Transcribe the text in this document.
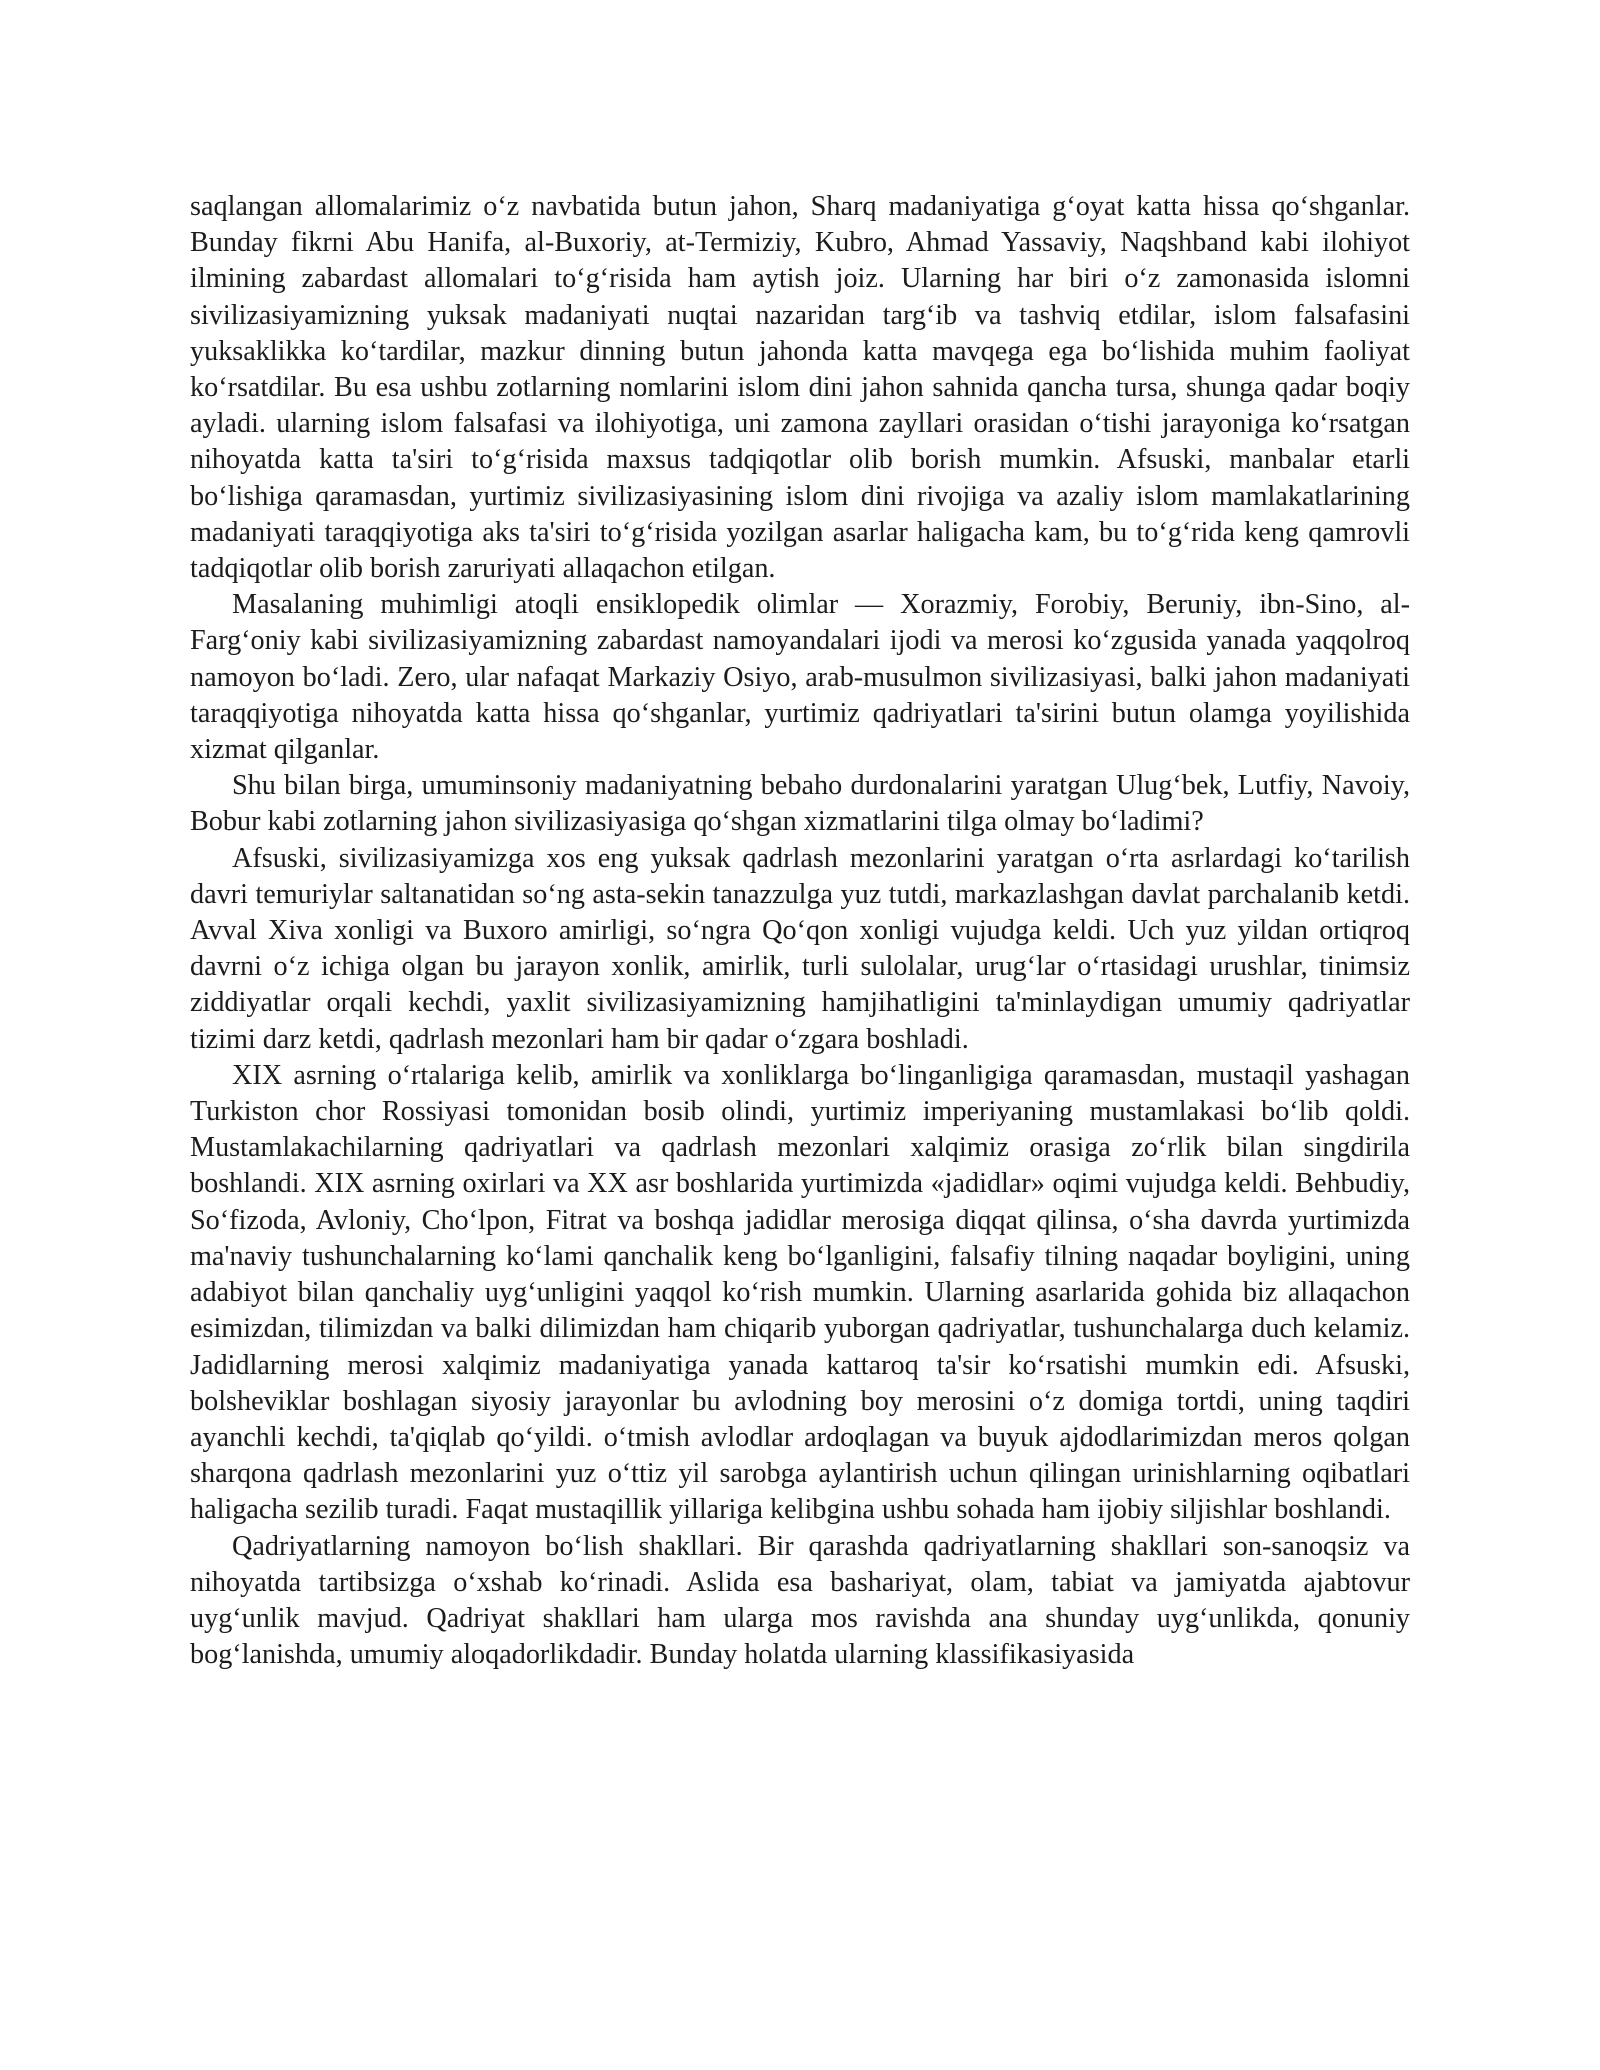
saqlangan allomalarimiz o‘z navbatida butun jahon, Sharq madaniyatiga g‘oyat katta hissa qo‘shganlar. Bunday fikrni Abu Hanifa, al-Buxoriy, at-Termiziy, Kubro, Ahmad Yassaviy, Naqshband kabi ilohiyot ilmining zabardast allomalari to‘g‘risida ham aytish joiz. Ularning har biri o‘z zamonasida islomni sivilizasiyamizning yuksak madaniyati nuqtai nazaridan targ‘ib va tashviq etdilar, islom falsafasini yuksaklikka ko‘tardilar, mazkur dinning butun jahonda katta mavqega ega bo‘lishida muhim faoliyat ko‘rsatdilar. Bu esa ushbu zotlarning nomlarini islom dini jahon sahnida qancha tursa, shunga qadar boqiy ayladi. ularning islom falsafasi va ilohiyotiga, uni zamona zayllari orasidan o‘tishi jarayoniga ko‘rsatgan nihoyatda katta ta'siri to‘g‘risida maxsus tadqiqotlar olib borish mumkin. Afsuski, manbalar etarli bo‘lishiga qaramasdan, yurtimiz sivilizasiyasining islom dini rivojiga va azaliy islom mamlakatlarining madaniyati taraqqiyotiga aks ta'siri to‘g‘risida yozilgan asarlar haligacha kam, bu to‘g‘rida keng qamrovli tadqiqotlar olib borish zaruriyati allaqachon etilgan.

Masalaning muhimligi atoqli ensiklopedik olimlar — Xorazmiy, Forobiy, Beruniy, ibn-Sino, al-Farg‘oniy kabi sivilizasiyamizning zabardast namoyandalari ijodi va merosi ko‘zgusida yanada yaqqolroq namoyon bo‘ladi. Zero, ular nafaqat Markaziy Osiyo, arab-musulmon sivilizasiyasi, balki jahon madaniyati taraqqiyotiga nihoyatda katta hissa qo‘shganlar, yurtimiz qadriyatlari ta'sirini butun olamga yoyilishida xizmat qilganlar.

Shu bilan birga, umuminsoniy madaniyatning bebaho durdonalarini yaratgan Ulug‘bek, Lutfiy, Navoiy, Bobur kabi zotlarning jahon sivilizasiyasiga qo‘shgan xizmatlarini tilga olmay bo‘ladimi?

Afsuski, sivilizasiyamizga xos eng yuksak qadrlash mezonlarini yaratgan o‘rta asrlardagi ko‘tarilish davri temuriylar saltanatidan so‘ng asta-sekin tanazzulga yuz tutdi, markazlashgan davlat parchalanib ketdi. Avval Xiva xonligi va Buxoro amirligi, so‘ngra Qo‘qon xonligi vujudga keldi. Uch yuz yildan ortiqroq davrni o‘z ichiga olgan bu jarayon xonlik, amirlik, turli sulolalar, urug‘lar o‘rtasidagi urushlar, tinimsiz ziddiyatlar orqali kechdi, yaxlit sivilizasiyamizning hamjihatligini ta'minlaydigan umumiy qadriyatlar tizimi darz ketdi, qadrlash mezonlari ham bir qadar o‘zgara boshladi.

XIX asrning o‘rtalariga kelib, amirlik va xonliklarga bo‘linganligiga qaramasdan, mustaqil yashagan Turkiston chor Rossiyasi tomonidan bosib olindi, yurtimiz imperiyaning mustamlakasi bo‘lib qoldi. Mustamlakachilarning qadriyatlari va qadrlash mezonlari xalqimiz orasiga zo‘rlik bilan singdirila boshlandi. XIX asrning oxirlari va XX asr boshlarida yurtimizda «jadidlar» oqimi vujudga keldi. Behbudiy, So‘fizoda, Avloniy, Cho‘lpon, Fitrat va boshqa jadidlar merosiga diqqat qilinsa, o‘sha davrda yurtimizda ma'naviy tushunchalarning ko‘lami qanchalik keng bo‘lganligini, falsafiy tilning naqadar boyligini, uning adabiyot bilan qanchaliy uyg‘unligini yaqqol ko‘rish mumkin. Ularning asarlarida gohida biz allaqachon esimizdan, tilimizdan va balki dilimizdan ham chiqarib yuborgan qadriyatlar, tushunchalarga duch kelamiz. Jadidlarning merosi xalqimiz madaniyatiga yanada kattaroq ta'sir ko‘rsatishi mumkin edi. Afsuski, bolsheviklar boshlagan siyosiy jarayonlar bu avlodning boy merosini o‘z domiga tortdi, uning taqdiri ayanchli kechdi, ta'qiqlab qo‘yildi. o‘tmish avlodlar ardoqlagan va buyuk ajdodlarimizdan meros qolgan sharqona qadrlash mezonlarini yuz o‘ttiz yil sarobga aylantirish uchun qilingan urinishlarning oqibatlari haligacha sezilib turadi. Faqat mustaqillik yillariga kelibgina ushbu sohada ham ijobiy siljishlar boshlandi.

Qadriyatlarning namoyon bo‘lish shakllari. Bir qarashda qadriyatlarning shakllari son-sanoqsiz va nihoyatda tartibsizga o‘xshab ko‘rinadi. Aslida esa bashariyat, olam, tabiat va jamiyatda ajabtovur uyg‘unlik mavjud. Qadriyat shakllari ham ularga mos ravishda ana shunday uyg‘unlikda, qonuniy bog‘lanishda, umumiy aloqadorlikdadir. Bunday holatda ularning klassifikasiyasida
